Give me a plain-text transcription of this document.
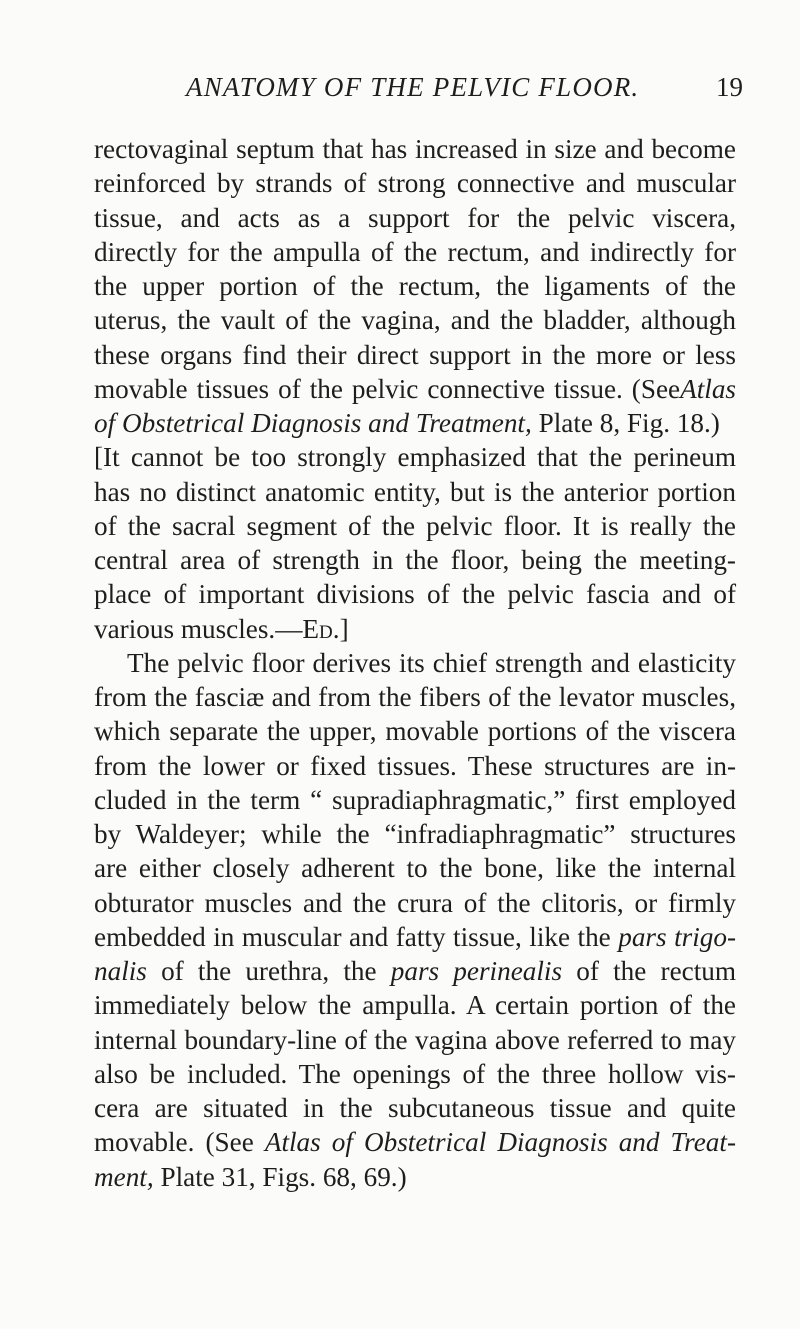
ANATOMY OF THE PELVIC FLOOR.	19
rectovaginal septum that has increased in size and become
reinforced by strands of strong connective and muscular
tissue, and acts as a support for the pelvic viscera,
directly for the ampulla of the rectum, and indirectly for
the upper portion of the rectum, the ligaments of the
uterus, the vault of the vagina, and the bladder, although
these organs find their direct support in the more or less
movable tissues of the pelvic connective tissue. (SeeAtlas
of Obstetrical Diagnosis and Treatment, Plate 8, Fig. 18.)
[It cannot be too strongly emphasized that the perineum
has no distinct anatomic entity, but is the anterior portion
of the sacral segment of the pelvic floor. It is really the
central area of strength in the floor, being the meeting-
place of important divisions of the pelvic fascia and of
various muscles.—Ed.]
The pelvic floor derives its chief strength and elasticity
from the fasciæ and from the fibers of the levator muscles,
which separate the upper, movable portions of the viscera
from the lower or fixed tissues. These structures are in-
cluded in the term “ supradiaphragmatic,” first employed
by Waldeyer; while the “infradiaphragmatic” structures
are either closely adherent to the bone, like the internal
obturator muscles and the crura of the clitoris, or firmly
embedded in muscular and fatty tissue, like the pars trigo-
nalis of the urethra, the pars perinealis of the rectum
immediately below the ampulla. A certain portion of the
internal boundary-line of the vagina above referred to may
also be included. The openings of the three hollow vis-
cera are situated in the subcutaneous tissue and quite
movable. (See Atlas of Obstetrical Diagnosis and Treat-
ment, Plate 31, Figs. 68, 69.)
